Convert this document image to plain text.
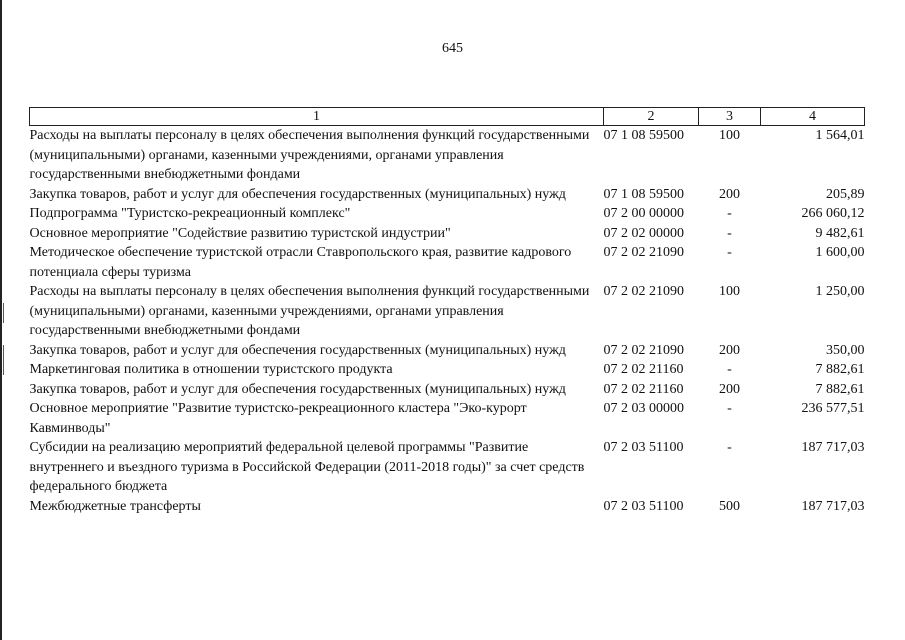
645
1	2	3	4
Расходы на выплаты персоналу в целях обеспечения выполнения функций государственными (муниципальными) органами, казенными учреждениями, органами управления государственными внебюджетными фондами	07 1 08 59500	100	1 564,01
Закупка товаров, работ и услуг для обеспечения государственных (муниципальных) нужд	07 1 08 59500	200	205,89
Подпрограмма "Туристско-рекреационный комплекс"	07 2 00 00000	-	266 060,12
Основное мероприятие "Содействие развитию туристской индустрии"	07 2 02 00000	-	9 482,61
Методическое обеспечение туристской отрасли Ставропольского края, развитие кадрового потенциала сферы туризма	07 2 02 21090	-	1 600,00
Расходы на выплаты персоналу в целях обеспечения выполнения функций государственными (муниципальными) органами, казенными учреждениями, органами управления государственными внебюджетными фондами	07 2 02 21090	100	1 250,00
Закупка товаров, работ и услуг для обеспечения государственных (муниципальных) нужд	07 2 02 21090	200	350,00
Маркетинговая политика в отношении туристского продукта	07 2 02 21160	-	7 882,61
Закупка товаров, работ и услуг для обеспечения государственных (муниципальных) нужд	07 2 02 21160	200	7 882,61
Основное мероприятие "Развитие туристско-рекреационного кластера "Эко-курорт Кавминводы"	07 2 03 00000	-	236 577,51
Субсидии на реализацию мероприятий федеральной целевой программы "Развитие внутреннего и въездного туризма в Российской Федерации (2011-2018 годы)" за счет средств федерального бюджета	07 2 03 51100	-	187 717,03
Межбюджетные трансферты	07 2 03 51100	500	187 717,03
